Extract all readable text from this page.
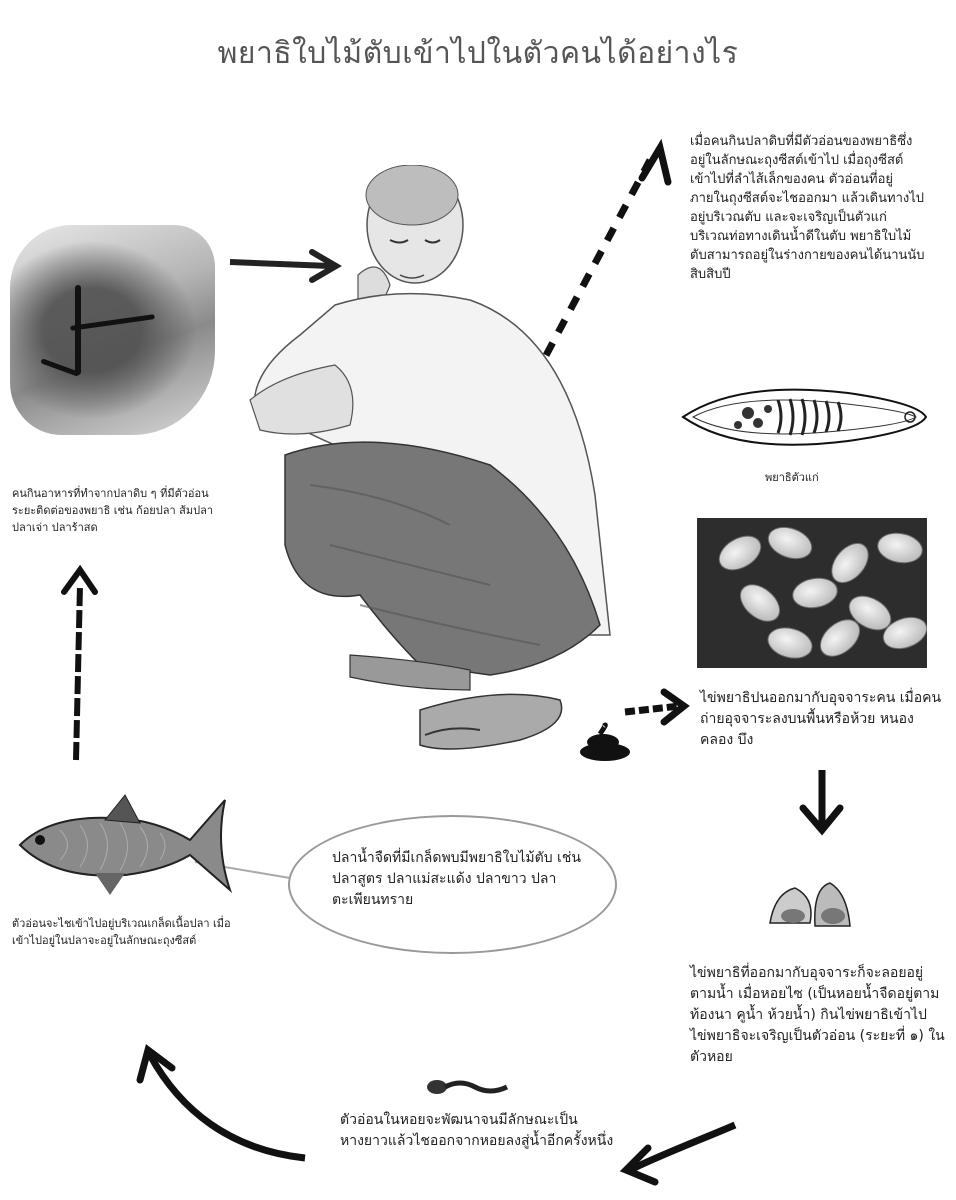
พยาธิใบไม้ตับเข้าไปในตัวคนได้อย่างไร
เมื่อคนกินปลาดิบที่มีตัวอ่อนของพยาธิซึ่งอยู่ในลักษณะถุงซีสต์เข้าไป เมื่อถุงซีสต์เข้าไปที่ลำไส้เล็กของคน ตัวอ่อนที่อยู่ภายในถุงซีสต์จะไชออกมา แล้วเดินทางไปอยู่บริเวณตับ และจะเจริญเป็นตัวแก่บริเวณท่อทางเดินน้ำดีในตับ พยาธิใบไม้ตับสามารถอยู่ในร่างกายของคนได้นานนับสิบสิบปี
พยาธิตัวแก่
ไข่พยาธิปนออกมากับอุจจาระคน เมื่อคนถ่ายอุจจาระลงบนพื้นหรือห้วย หนองคลอง บึง
ไข่พยาธิที่ออกมากับอุจจาระก็จะลอยอยู่ตามน้ำ เมื่อหอยไซ (เป็นหอยน้ำจืดอยู่ตามท้องนา คูน้ำ ห้วยน้ำ) กินไข่พยาธิเข้าไป ไข่พยาธิจะเจริญเป็นตัวอ่อน (ระยะที่ ๑) ในตัวหอย
ตัวอ่อนในหอยจะพัฒนาจนมีลักษณะเป็นหางยาวแล้วไชออกจากหอยลงสู่น้ำอีกครั้งหนึ่ง
ปลาน้ำจืดที่มีเกล็ดพบมีพยาธิใบไม้ตับ เช่น ปลาสูตร ปลาแม่สะแด้ง ปลาขาว ปลาตะเพียนทราย
ตัวอ่อนจะไชเข้าไปอยู่บริเวณเกล็ดเนื้อปลา เมื่อเข้าไปอยู่ในปลาจะอยู่ในลักษณะถุงซีสต์
คนกินอาหารที่ทำจากปลาดิบ ๆ ที่มีตัวอ่อนระยะติดต่อของพยาธิ เช่น ก้อยปลา ส้มปลา ปลาเจ่า ปลาร้าสด
